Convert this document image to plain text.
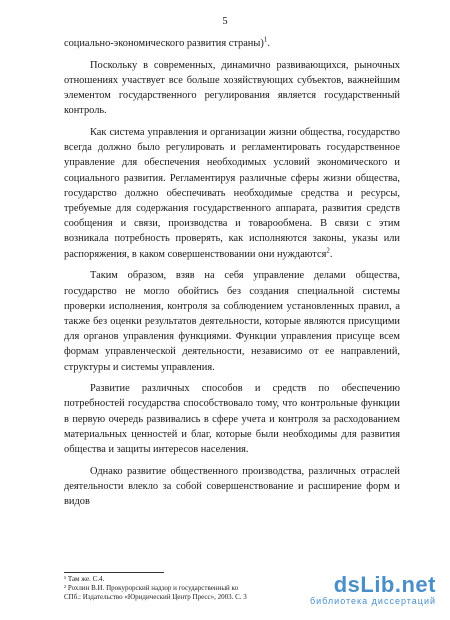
5

социально-экономического развития страны)$^1$.

Поскольку в современных, динамично развивающихся, рыночных отношениях участвует все больше хозяйствующих субъектов, важнейшим элементом государственного регулирования является государственный контроль.

Как система управления и организации жизни общества, государство всегда должно было регулировать и регламентировать государственное управление для обеспечения необходимых условий экономического и социального развития. Регламентируя различные сферы жизни общества, государство должно обеспечивать необходимые средства и ресурсы, требуемые для содержания государственного аппарата, развития средств сообщения и связи, производства и товарообмена. В связи с этим возникала потребность проверять, как исполняются законы, указы или распоряжения, в каком совершенствовании они нуждаются$^2$.

Таким образом, взяв на себя управление делами общества, государство не могло обойтись без создания специальной системы проверки исполнения, контроля за соблюдением установленных правил, а также без оценки результатов деятельности, которые являются присущими для органов управления функциями. Функции управления присуще всем формам управленческой деятельности, независимо от ее направлений, структуры и системы управления.

Развитие различных способов и средств по обеспечению потребностей государства способствовало тому, что контрольные функции в первую очередь развивались в сфере учета и контроля за расходованием материальных ценностей и благ, которые были необходимы для развития общества и защиты интересов населения.

Однако развитие общественного производства, различных отраслей деятельности влекло за собой совершенствование и расширение форм и видов

¹ Там же. С.4.
² Рохлин В.И. Прокурорский надзор и государственный ко
СПб.: Издательство «Юридический Центр Пресс», 2003. С. 3	dsLib.net
библиотека диссертаций
